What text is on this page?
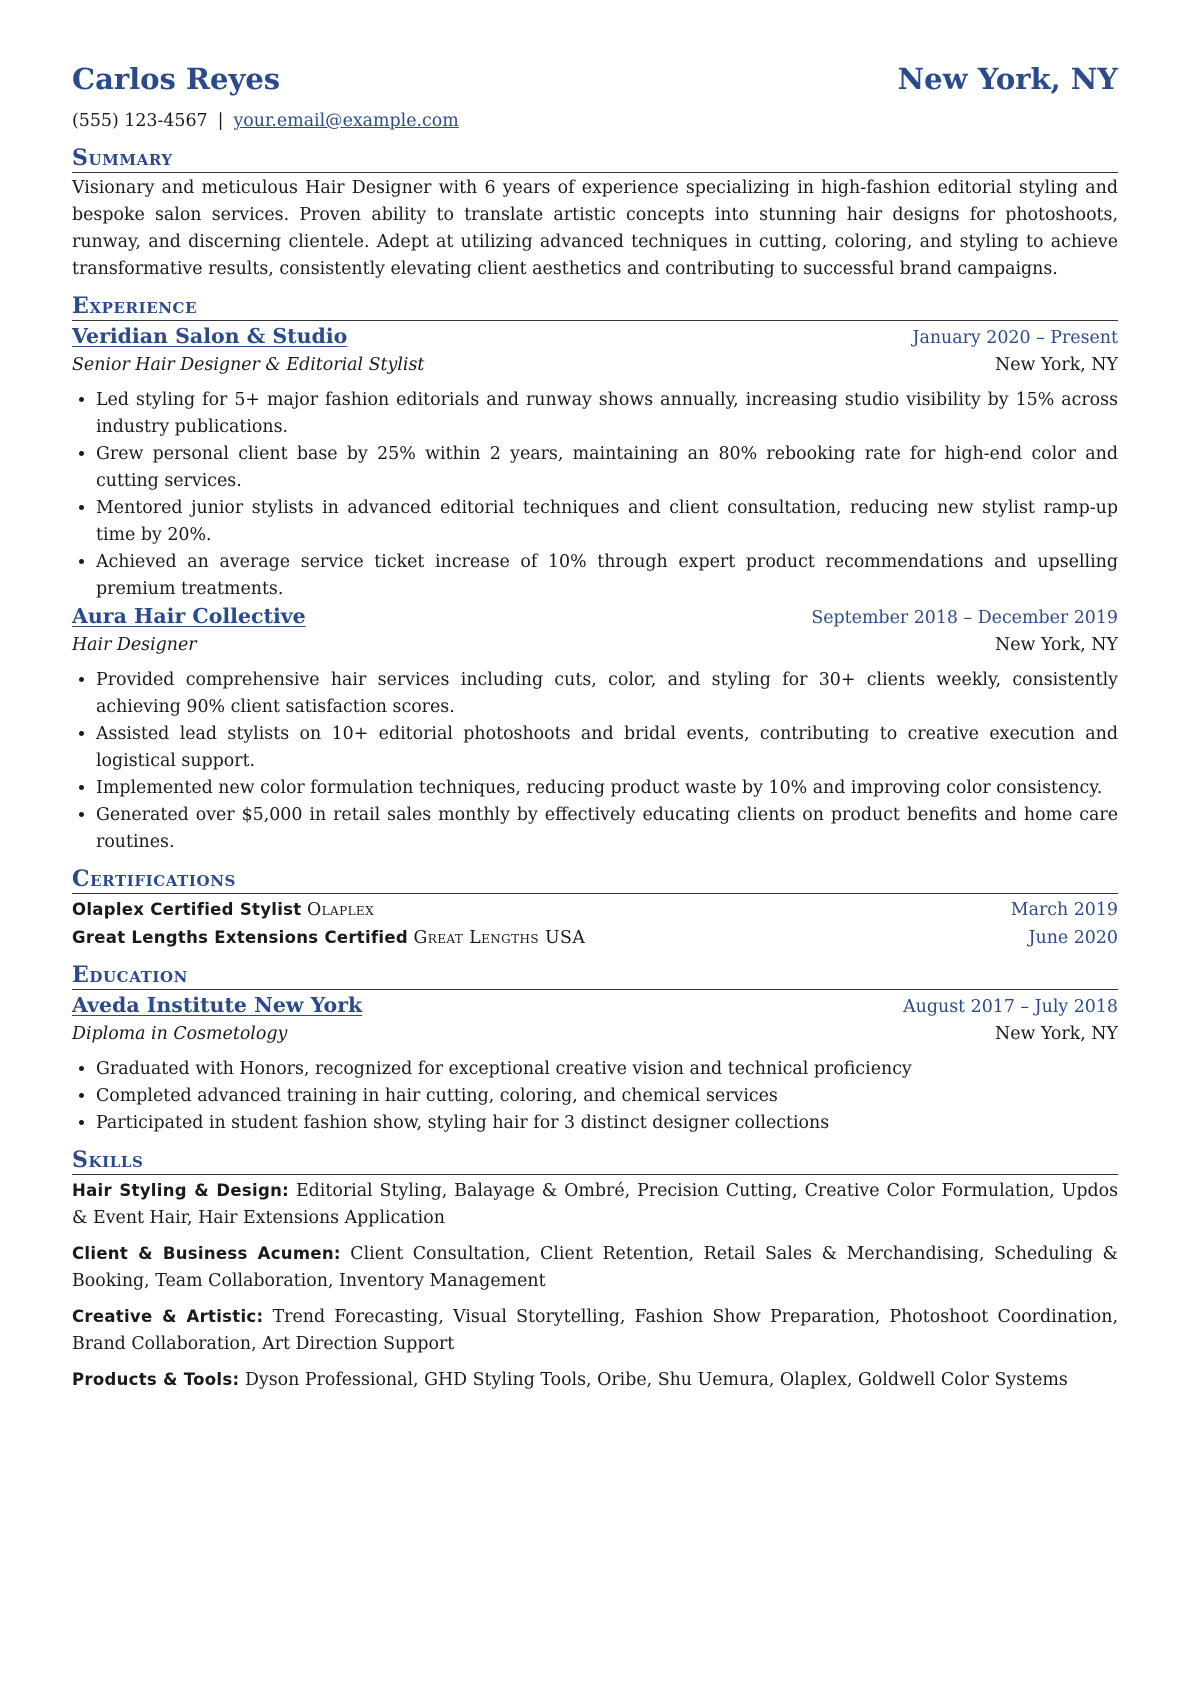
Carlos Reyes	New York, NY
(555) 123-4567 | your.email@example.com
Summary

Visionary and meticulous Hair Designer with 6 years of experience specializing in high-fashion editorial styling and bespoke salon services. Proven ability to translate artistic concepts into stunning hair designs for photoshoots, runway, and discerning clientele. Adept at utilizing advanced techniques in cutting, coloring, and styling to achieve transformative results, consistently elevating client aesthetics and contributing to successful brand campaigns.

Experience
Veridian Salon & Studio	January 2020 – Present
Senior Hair Designer & Editorial Stylist	New York, NY
• Led styling for 5+ major fashion editorials and runway shows annually, increasing studio visibility by 15% across industry publications.
• Grew personal client base by 25% within 2 years, maintaining an 80% rebooking rate for high-end color and cutting services.
• Mentored junior stylists in advanced editorial techniques and client consultation, reducing new stylist ramp-up time by 20%.
• Achieved an average service ticket increase of 10% through expert product recommendations and upselling premium treatments.
Aura Hair Collective	September 2018 – December 2019
Hair Designer	New York, NY
• Provided comprehensive hair services including cuts, color, and styling for 30+ clients weekly, consistently achieving 90% client satisfaction scores.
• Assisted lead stylists on 10+ editorial photoshoots and bridal events, contributing to creative execution and logistical support.
• Implemented new color formulation techniques, reducing product waste by 10% and improving color consistency.
• Generated over $5,000 in retail sales monthly by effectively educating clients on product benefits and home care routines.
Certifications
Olaplex Certified Stylist Olaplex	March 2019
Great Lengths Extensions Certified Great Lengths USA	June 2020
Education
Aveda Institute New York	August 2017 – July 2018
Diploma in Cosmetology	New York, NY
• Graduated with Honors, recognized for exceptional creative vision and technical proficiency
• Completed advanced training in hair cutting, coloring, and chemical services
• Participated in student fashion show, styling hair for 3 distinct designer collections
Skills

Hair Styling & Design: Editorial Styling, Balayage & Ombré, Precision Cutting, Creative Color Formulation, Updos & Event Hair, Hair Extensions Application

Client & Business Acumen: Client Consultation, Client Retention, Retail Sales & Merchandising, Scheduling & Booking, Team Collaboration, Inventory Management

Creative & Artistic: Trend Forecasting, Visual Storytelling, Fashion Show Preparation, Photoshoot Coordination, Brand Collaboration, Art Direction Support

Products & Tools: Dyson Professional, GHD Styling Tools, Oribe, Shu Uemura, Olaplex, Goldwell Color Systems
